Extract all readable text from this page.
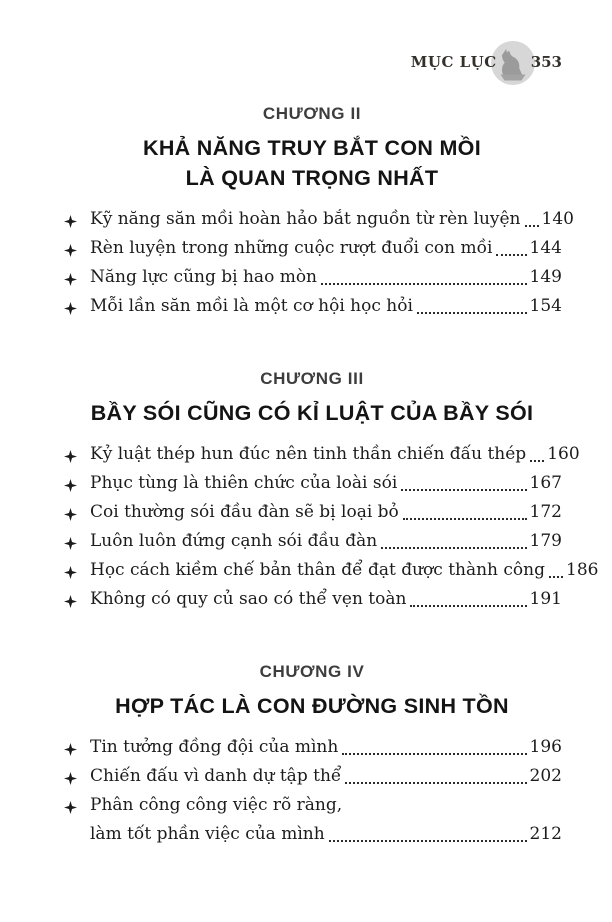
MỤC LỤC 353
CHƯƠNG II
KHẢ NĂNG TRUY BẮT CON MỒI
LÀ QUAN TRỌNG NHẤT
Kỹ năng săn mồi hoàn hảo bắt nguồn từ rèn luyện 140
Rèn luyện trong những cuộc rượt đuổi con mồi 144
Năng lực cũng bị hao mòn	149
Mỗi lần săn mồi là một cơ hội học hỏi	154
CHƯƠNG III
BẦY SÓI CŨNG CÓ KỈ LUẬT CỦA BẦY SÓI
Kỷ luật thép hun đúc nên tinh thần chiến đấu thép 160
Phục tùng là thiên chức của loài sói	167
Coi thường sói đầu đàn sẽ bị loại bỏ	172
Luôn luôn đứng cạnh sói đầu đàn	179
Học cách kiềm chế bản thân để đạt được thành công 186
Không có quy củ sao có thể vẹn toàn	191
CHƯƠNG IV
HỢP TÁC LÀ CON ĐƯỜNG SINH TỒN
Tin tưởng đồng đội của mình	196
Chiến đấu vì danh dự tập thể	202
Phân công công việc rõ ràng,
làm tốt phần việc của mình	212
